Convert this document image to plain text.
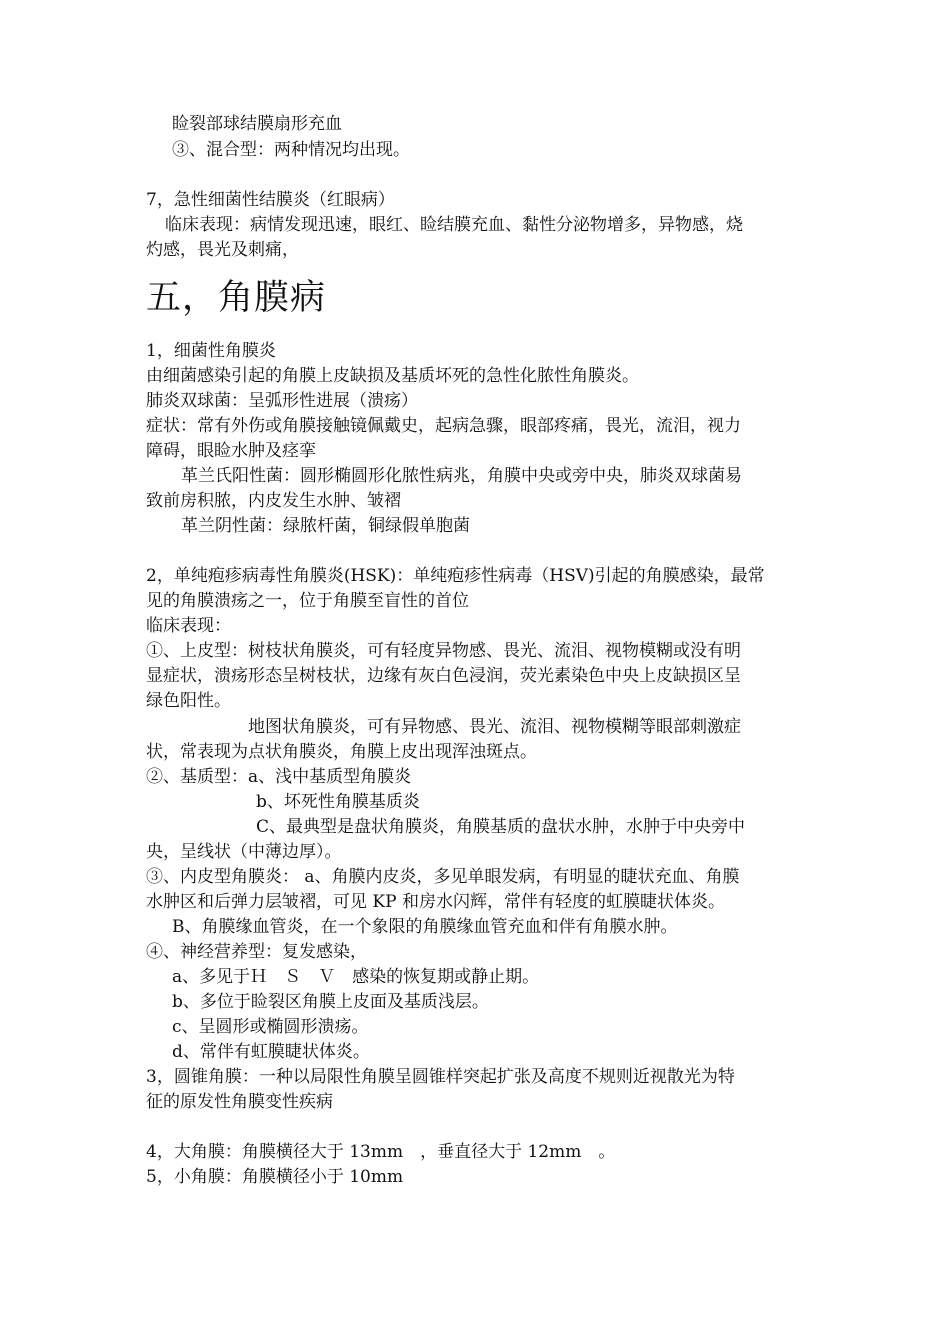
睑裂部球结膜扇形充血
③、混合型：两种情况均出现。
7，急性细菌性结膜炎（红眼病）
临床表现：病情发现迅速，眼红、睑结膜充血、黏性分泌物增多，异物感，烧
灼感，畏光及刺痛，
五，角膜病
1，细菌性角膜炎
由细菌感染引起的角膜上皮缺损及基质坏死的急性化脓性角膜炎。
肺炎双球菌：呈弧形性进展（溃疡）
症状：常有外伤或角膜接触镜佩戴史，起病急骤，眼部疼痛，畏光，流泪，视力
障碍，眼睑水肿及痉挛
革兰氏阳性菌：圆形椭圆形化脓性病兆，角膜中央或旁中央，肺炎双球菌易
致前房积脓，内皮发生水肿、皱褶
革兰阴性菌：绿脓杆菌，铜绿假单胞菌
2，单纯疱疹病毒性角膜炎(HSK)：单纯疱疹性病毒（HSV)引起的角膜感染，最常
见的角膜溃疡之一，位于角膜至盲性的首位
临床表现：
①、上皮型：树枝状角膜炎，可有轻度异物感、畏光、流泪、视物模糊或没有明
显症状，溃疡形态呈树枝状，边缘有灰白色浸润，荧光素染色中央上皮缺损区呈
绿色阳性。
地图状角膜炎，可有异物感、畏光、流泪、视物模糊等眼部刺激症
状，常表现为点状角膜炎，角膜上皮出现浑浊斑点。
②、基质型：a、浅中基质型角膜炎
b、坏死性角膜基质炎
C、最典型是盘状角膜炎，角膜基质的盘状水肿，水肿于中央旁中
央，呈线状（中薄边厚）。
③、内皮型角膜炎： a、角膜内皮炎，多见单眼发病，有明显的睫状充血、角膜
水肿区和后弹力层皱褶，可见 KP 和房水闪辉，常伴有轻度的虹膜睫状体炎。
B、角膜缘血管炎，在一个象限的角膜缘血管充血和伴有角膜水肿。
④、神经营养型：复发感染，
a、多见于Ｈ　Ｓ　Ｖ　感染的恢复期或静止期。
b、多位于睑裂区角膜上皮面及基质浅层。
c、呈圆形或椭圆形溃疡。
d、常伴有虹膜睫状体炎。
3，圆锥角膜：一种以局限性角膜呈圆锥样突起扩张及高度不规则近视散光为特
征的原发性角膜变性疾病
4，大角膜：角膜横径大于 13mm　，垂直径大于 12mm　。
5，小角膜：角膜横径小于 10mm
